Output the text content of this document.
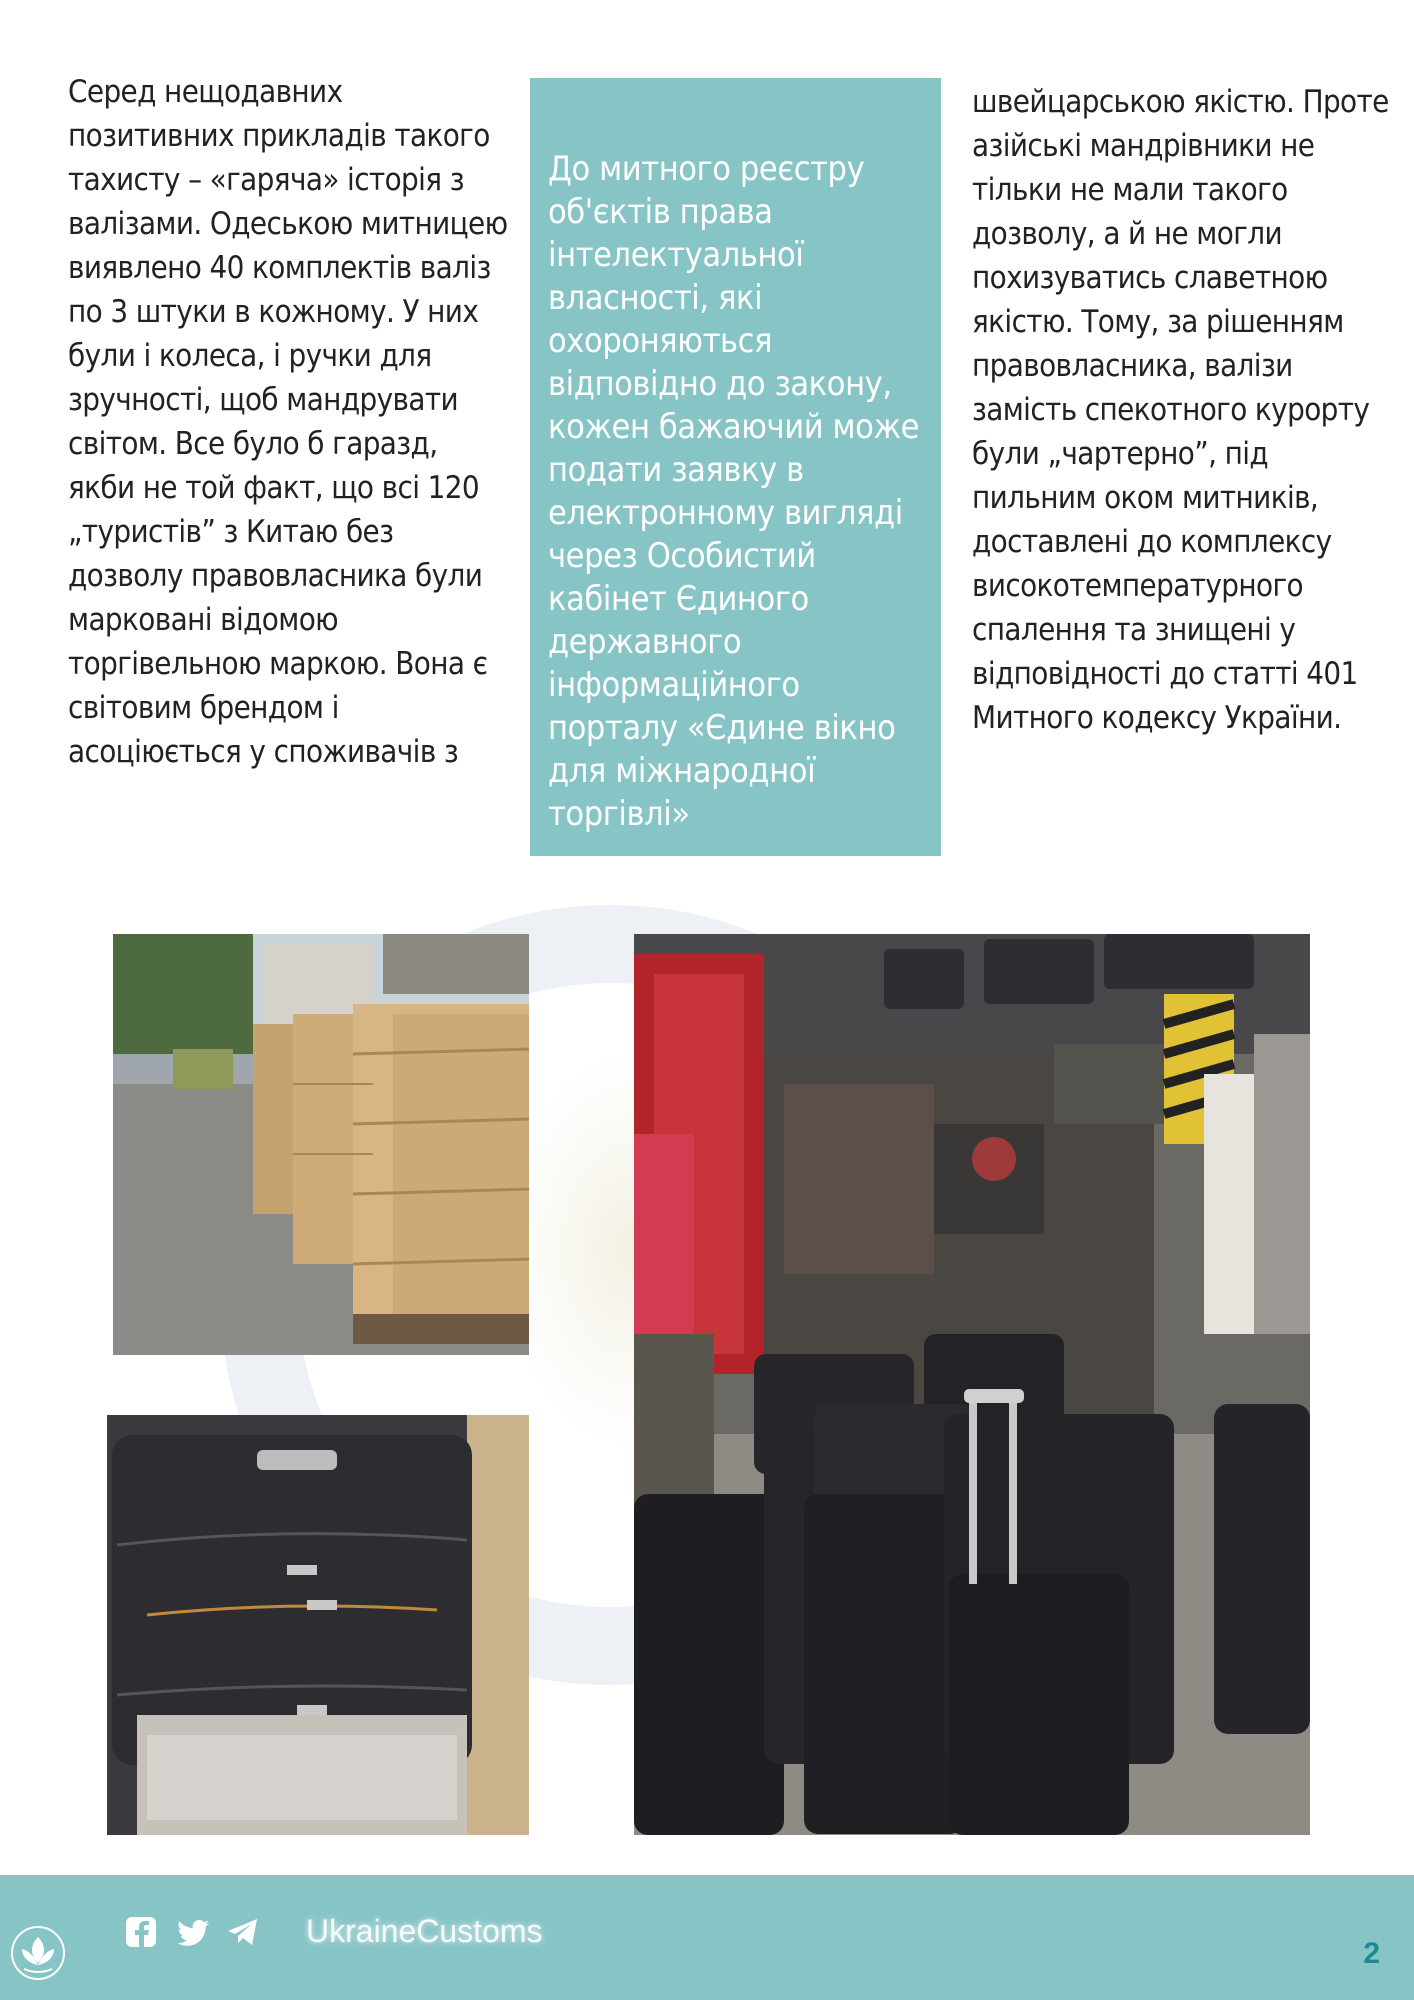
Серед нещодавних позитивних прикладів такого тахисту – «гаряча» історія з валізами. Одеською митницею виявлено 40 комплектів валіз по 3 штуки в кожному. У них були і колеса, і ручки для зручності, щоб мандрувати світом. Все було б гаразд, якби не той факт, що всі 120 „туристів” з Китаю без дозволу правовласника були марковані відомою торгівельною маркою. Вона є світовим брендом і асоціюється у споживачів з

До митного реєстру об'єктів права інтелектуальної власності, які охороняються відповідно до закону, кожен бажаючий може подати заявку в електронному вигляді через Особистий кабінет Єдиного державного інформаційного порталу «Єдине вікно для міжнародної торгівлі»

швейцарською якістю. Проте азійські мандрівники не тільки не мали такого дозволу, а й не могли похизуватись славетною якістю. Тому, за рішенням правовласника, валізи замість спекотного курорту були „чартерно”, під пильним оком митників, доставлені до комплексу високотемпературного спалення та знищені у відповідності до статті 401 Митного кодексу України.

UkraineCustoms
2
